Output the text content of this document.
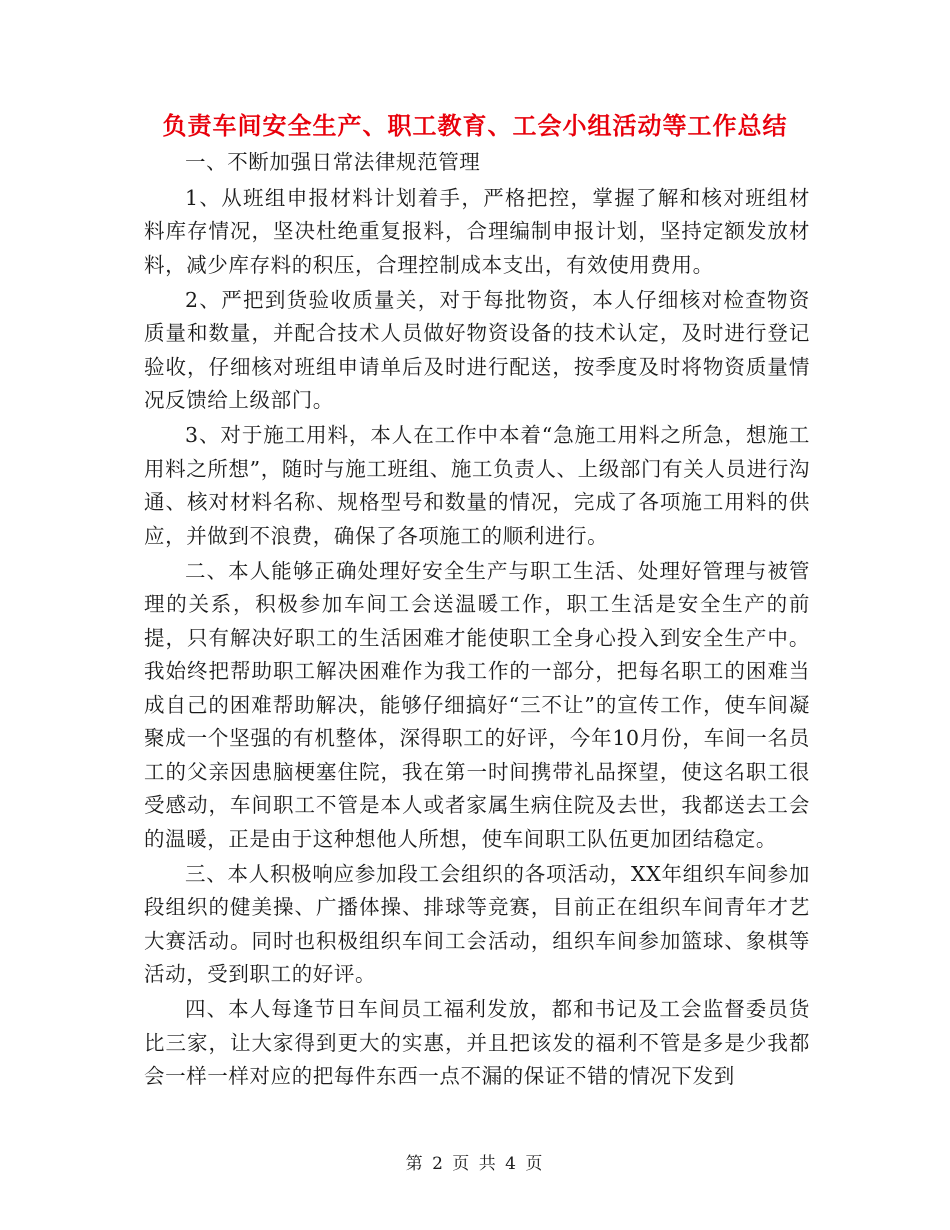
负责车间安全生产、职工教育、工会小组活动等工作总结

一、不断加强日常法律规范管理

1、从班组申报材料计划着手，严格把控，掌握了解和核对班组材料库存情况，坚决杜绝重复报料，合理编制申报计划，坚持定额发放材料，减少库存料的积压，合理控制成本支出，有效使用费用。

2、严把到货验收质量关，对于每批物资，本人仔细核对检查物资质量和数量，并配合技术人员做好物资设备的技术认定，及时进行登记验收，仔细核对班组申请单后及时进行配送，按季度及时将物资质量情况反馈给上级部门。

3、对于施工用料，本人在工作中本着“急施工用料之所急，想施工用料之所想”，随时与施工班组、施工负责人、上级部门有关人员进行沟通、核对材料名称、规格型号和数量的情况，完成了各项施工用料的供应，并做到不浪费，确保了各项施工的顺利进行。

二、本人能够正确处理好安全生产与职工生活、处理好管理与被管理的关系，积极参加车间工会送温暖工作，职工生活是安全生产的前提，只有解决好职工的生活困难才能使职工全身心投入到安全生产中。我始终把帮助职工解决困难作为我工作的一部分，把每名职工的困难当成自己的困难帮助解决，能够仔细搞好“三不让”的宣传工作，使车间凝聚成一个坚强的有机整体，深得职工的好评，今年10月份，车间一名员工的父亲因患脑梗塞住院，我在第一时间携带礼品探望，使这名职工很受感动，车间职工不管是本人或者家属生病住院及去世，我都送去工会的温暖，正是由于这种想他人所想，使车间职工队伍更加团结稳定。

三、本人积极响应参加段工会组织的各项活动，XX年组织车间参加段组织的健美操、广播体操、排球等竞赛，目前正在组织车间青年才艺大赛活动。同时也积极组织车间工会活动，组织车间参加篮球、象棋等活动，受到职工的好评。

四、本人每逢节日车间员工福利发放，都和书记及工会监督委员货比三家，让大家得到更大的实惠，并且把该发的福利不管是多是少我都会一样一样对应的把每件东西一点不漏的保证不错的情况下发到

第 2 页 共 4 页
